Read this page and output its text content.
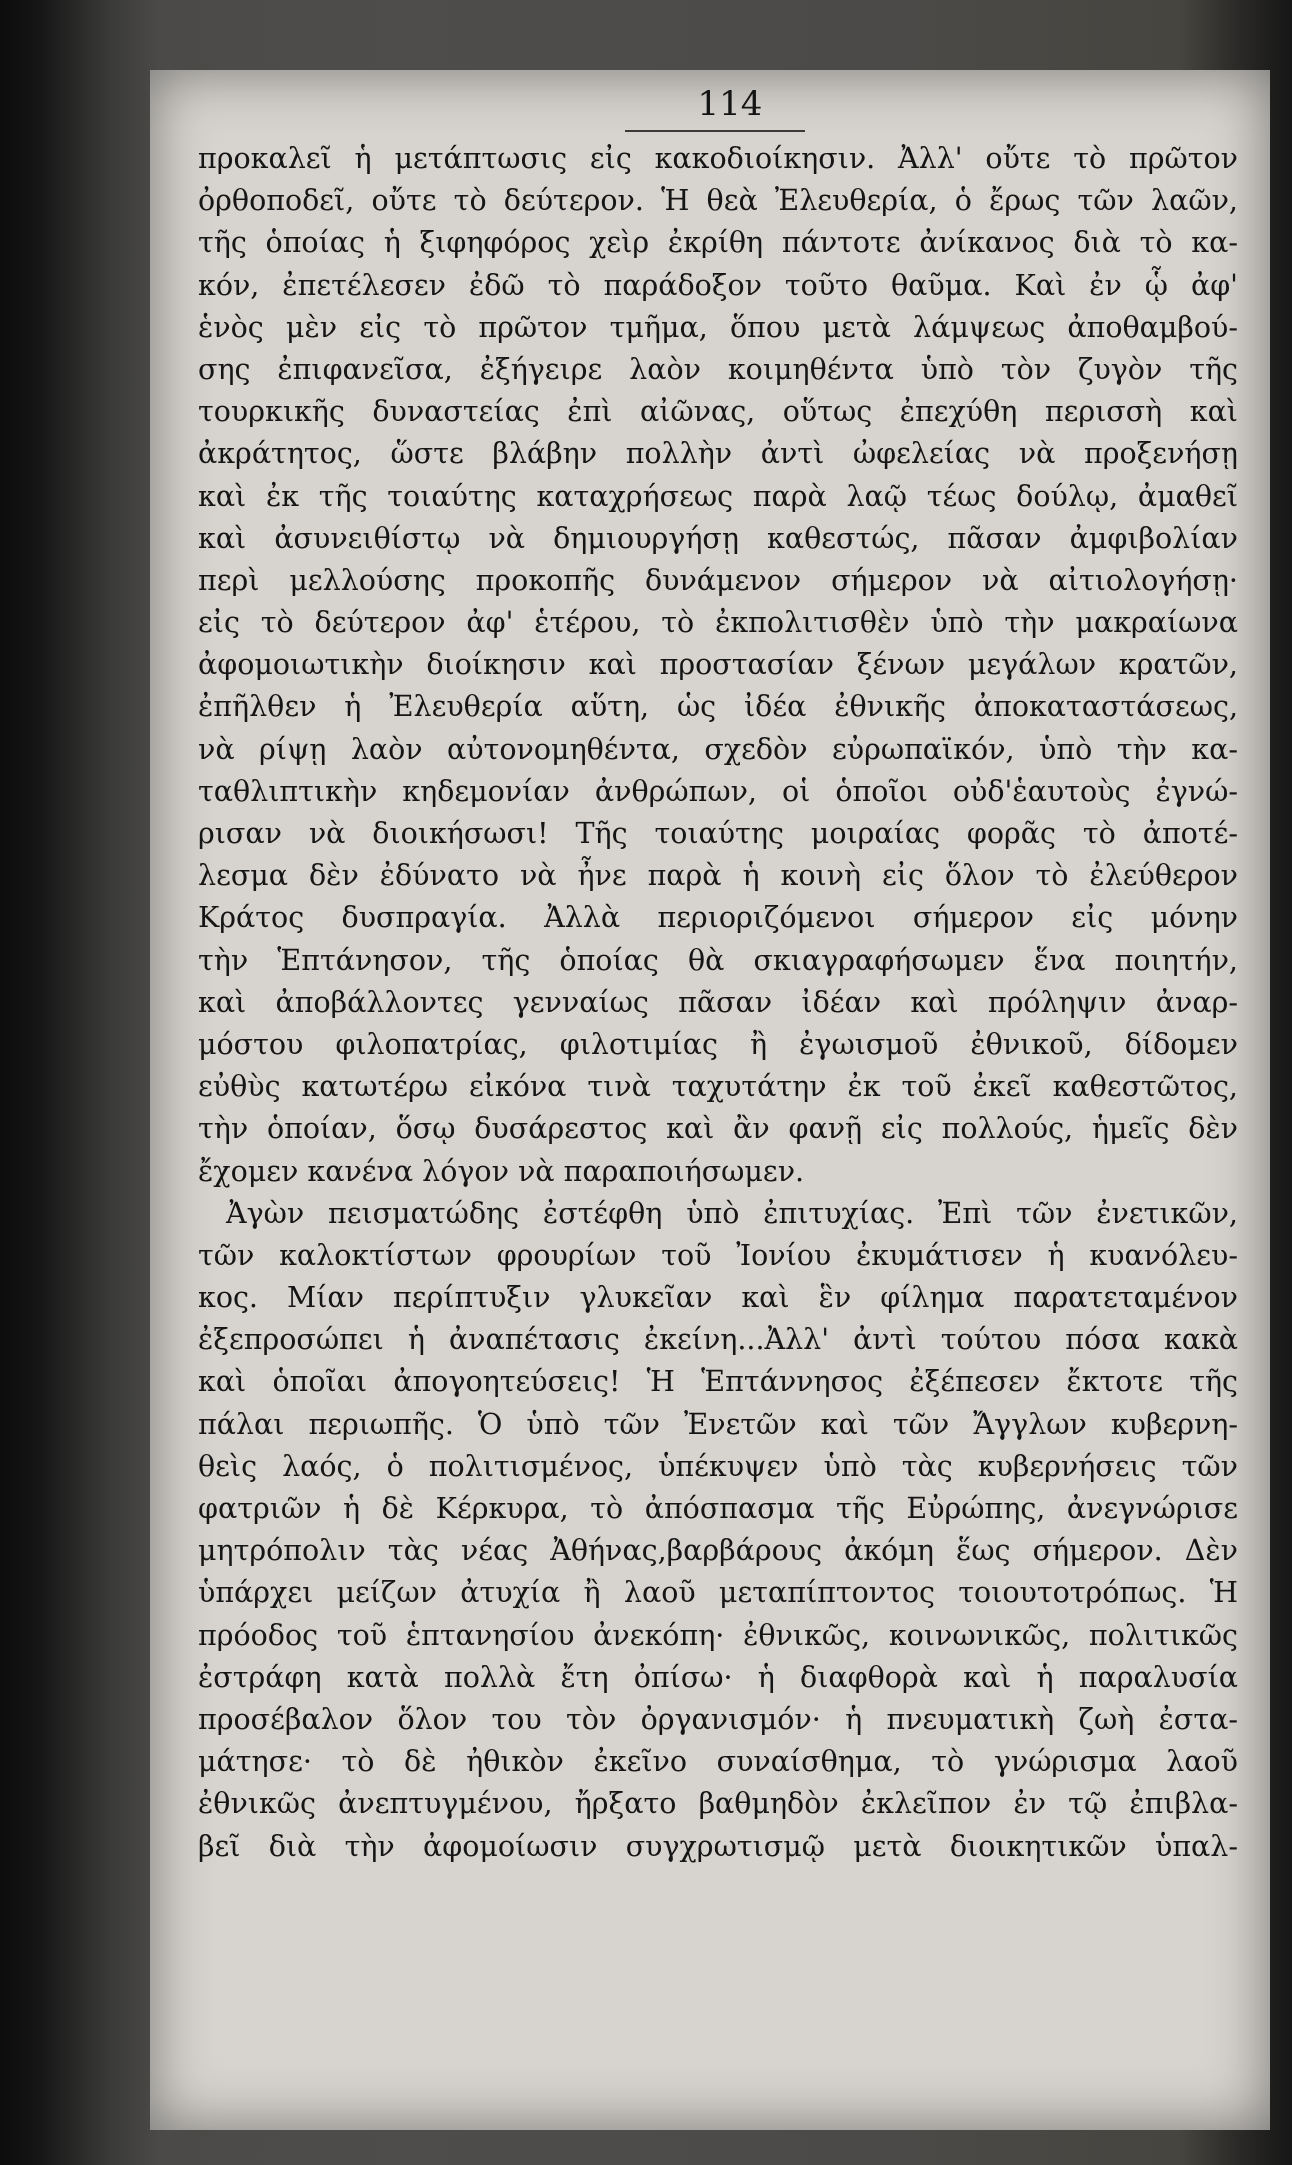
114
προκαλεῖ ἡ μετάπτωσις εἰς κακοδιοίκησιν. Ἀλλ' οὔτε τὸ πρῶτον
ὀρθοποδεῖ, οὔτε τὸ δεύτερον. Ἡ θεὰ Ἐλευθερία, ὁ ἔρως τῶν λαῶν,
τῆς ὁποίας ἡ ξιφηφόρος χεὶρ ἐκρίθη πάντοτε ἀνίκανος διὰ τὸ κα-
κόν, ἐπετέλεσεν ἐδῶ τὸ παράδοξον τοῦτο θαῦμα. Καὶ ἐν ᾧ ἀφ'
ἑνὸς μὲν εἰς τὸ πρῶτον τμῆμα, ὅπου μετὰ λάμψεως ἀποθαμβού-
σης ἐπιφανεῖσα, ἐξήγειρε λαὸν κοιμηθέντα ὑπὸ τὸν ζυγὸν τῆς
τουρκικῆς δυναστείας ἐπὶ αἰῶνας, οὕτως ἐπεχύθη περισσὴ καὶ
ἀκράτητος, ὥστε βλάβην πολλὴν ἀντὶ ὠφελείας νὰ προξενήσῃ
καὶ ἐκ τῆς τοιαύτης καταχρήσεως παρὰ λαῷ τέως δούλῳ, ἀμαθεῖ
καὶ ἀσυνειθίστῳ νὰ δημιουργήσῃ καθεστώς, πᾶσαν ἀμφιβολίαν
περὶ μελλούσης προκοπῆς δυνάμενον σήμερον νὰ αἰτιολογήσῃ·
εἰς τὸ δεύτερον ἀφ' ἑτέρου, τὸ ἐκπολιτισθὲν ὑπὸ τὴν μακραίωνα
ἀφομοιωτικὴν διοίκησιν καὶ προστασίαν ξένων μεγάλων κρατῶν,
ἐπῆλθεν ἡ Ἐλευθερία αὕτη, ὡς ἰδέα ἐθνικῆς ἀποκαταστάσεως,
νὰ ρίψῃ λαὸν αὐτονομηθέντα, σχεδὸν εὐρωπαϊκόν, ὑπὸ τὴν κα-
ταθλιπτικὴν κηδεμονίαν ἀνθρώπων, οἱ ὁποῖοι οὐδ'ἑαυτοὺς ἐγνώ-
ρισαν νὰ διοικήσωσι! Τῆς τοιαύτης μοιραίας φορᾶς τὸ ἀποτέ-
λεσμα δὲν ἐδύνατο νὰ ἦνε παρὰ ἡ κοινὴ εἰς ὅλον τὸ ἐλεύθερον
Κράτος δυσπραγία. Ἀλλὰ περιοριζόμενοι σήμερον εἰς μόνην
τὴν Ἑπτάνησον, τῆς ὁποίας θὰ σκιαγραφήσωμεν ἕνα ποιητήν,
καὶ ἀποβάλλοντες γενναίως πᾶσαν ἰδέαν καὶ πρόληψιν ἀναρ-
μόστου φιλοπατρίας, φιλοτιμίας ἢ ἐγωισμοῦ ἐθνικοῦ, δίδομεν
εὐθὺς κατωτέρω εἰκόνα τινὰ ταχυτάτην ἐκ τοῦ ἐκεῖ καθεστῶτος,
τὴν ὁποίαν, ὅσῳ δυσάρεστος καὶ ἂν φανῇ εἰς πολλούς, ἡμεῖς δὲν
ἔχομεν κανένα λόγον νὰ παραποιήσωμεν.
Ἀγὼν πεισματώδης ἐστέφθη ὑπὸ ἐπιτυχίας. Ἐπὶ τῶν ἐνετικῶν,
τῶν καλοκτίστων φρουρίων τοῦ Ἰονίου ἐκυμάτισεν ἡ κυανόλευ-
κος. Μίαν περίπτυξιν γλυκεῖαν καὶ ἓν φίλημα παρατεταμένον
ἐξεπροσώπει ἡ ἀναπέτασις ἐκείνη...Ἀλλ' ἀντὶ τούτου πόσα κακὰ
καὶ ὁποῖαι ἀπογοητεύσεις! Ἡ Ἑπτάννησος ἐξέπεσεν ἔκτοτε τῆς
πάλαι περιωπῆς. Ὁ ὑπὸ τῶν Ἐνετῶν καὶ τῶν Ἄγγλων κυβερνη-
θεὶς λαός, ὁ πολιτισμένος, ὑπέκυψεν ὑπὸ τὰς κυβερνήσεις τῶν
φατριῶν ἡ δὲ Κέρκυρα, τὸ ἀπόσπασμα τῆς Εὐρώπης, ἀνεγνώρισε
μητρόπολιν τὰς νέας Ἀθήνας,βαρβάρους ἀκόμη ἕως σήμερον. Δὲν
ὑπάρχει μείζων ἀτυχία ἢ λαοῦ μεταπίπτοντος τοιουτοτρόπως. Ἡ
πρόοδος τοῦ ἑπτανησίου ἀνεκόπη· ἐθνικῶς, κοινωνικῶς, πολιτικῶς
ἐστράφη κατὰ πολλὰ ἔτη ὀπίσω· ἡ διαφθορὰ καὶ ἡ παραλυσία
προσέβαλον ὅλον του τὸν ὀργανισμόν· ἡ πνευματικὴ ζωὴ ἐστα-
μάτησε· τὸ δὲ ἠθικὸν ἐκεῖνο συναίσθημα, τὸ γνώρισμα λαοῦ
ἐθνικῶς ἀνεπτυγμένου, ἤρξατο βαθμηδὸν ἐκλεῖπον ἐν τῷ ἐπιβλα-
βεῖ διὰ τὴν ἀφομοίωσιν συγχρωτισμῷ μετὰ διοικητικῶν ὑπαλ-
